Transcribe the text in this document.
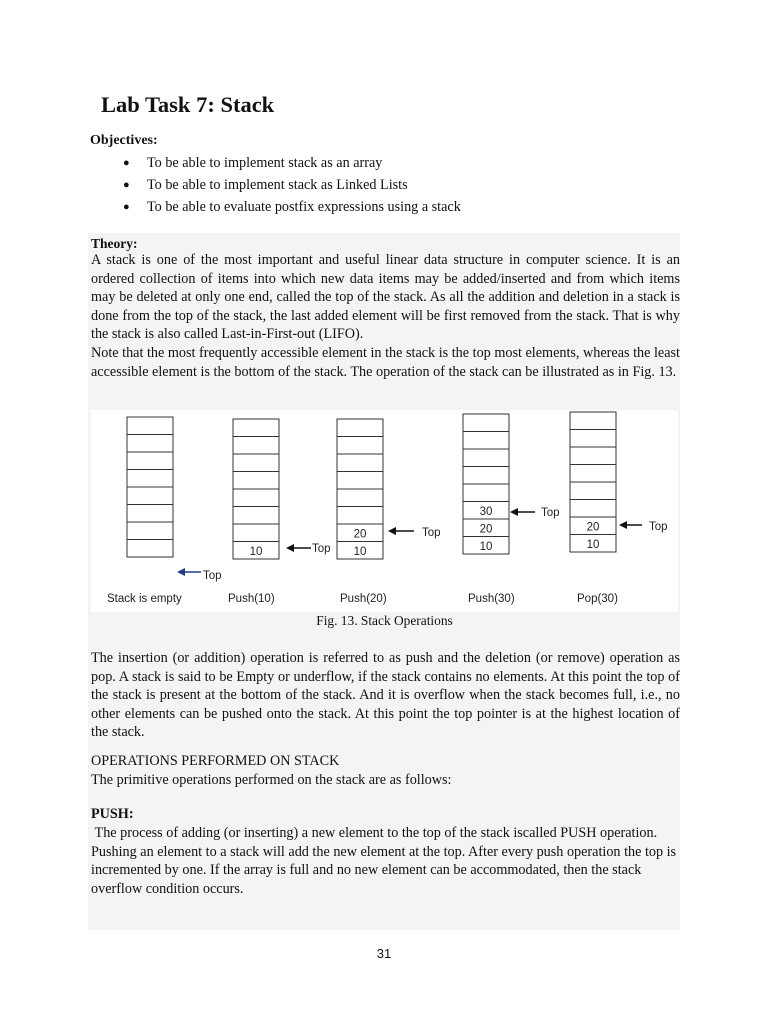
Lab Task 7: Stack
Objectives:
● To be able to implement stack as an array
● To be able to implement stack as Linked Lists
● To be able to evaluate postfix expressions using a stack
Theory:

A stack is one of the most important and useful linear data structure in computer science. It is an ordered collection of items into which new data items may be added/inserted and from which items may be deleted at only one end, called the top of the stack. As all the addition and deletion in a stack is done from the top of the stack, the last added element will be first removed from the stack. That is why the stack is also called Last-in-First-out (LIFO).

Note that the most frequently accessible element in the stack is the top most elements, whereas the least accessible element is the bottom of the stack. The operation of the stack can be illustrated as in Fig. 13.

Stack is empty
Top
10
Push(10)
Top 10
20
Push(20)
Top
10
20
30
Push(30)
Top
10
20
Pop(30)
Top
Fig. 13. Stack Operations

The insertion (or addition) operation is referred to as push and the deletion (or remove) operation as pop. A stack is said to be Empty or underflow, if the stack contains no elements. At this point the top of the stack is present at the bottom of the stack. And it is overflow when the stack becomes full, i.e., no other elements can be pushed onto the stack. At this point the top pointer is at the highest location of the stack.

OPERATIONS PERFORMED ON STACK
The primitive operations performed on the stack are as follows:
PUSH:

The process of adding (or inserting) a new element to the top of the stack iscalled PUSH operation. Pushing an element to a stack will add the new element at the top. After every push operation the top is incremented by one. If the array is full and no new element can be accommodated, then the stack overflow condition occurs.

31
